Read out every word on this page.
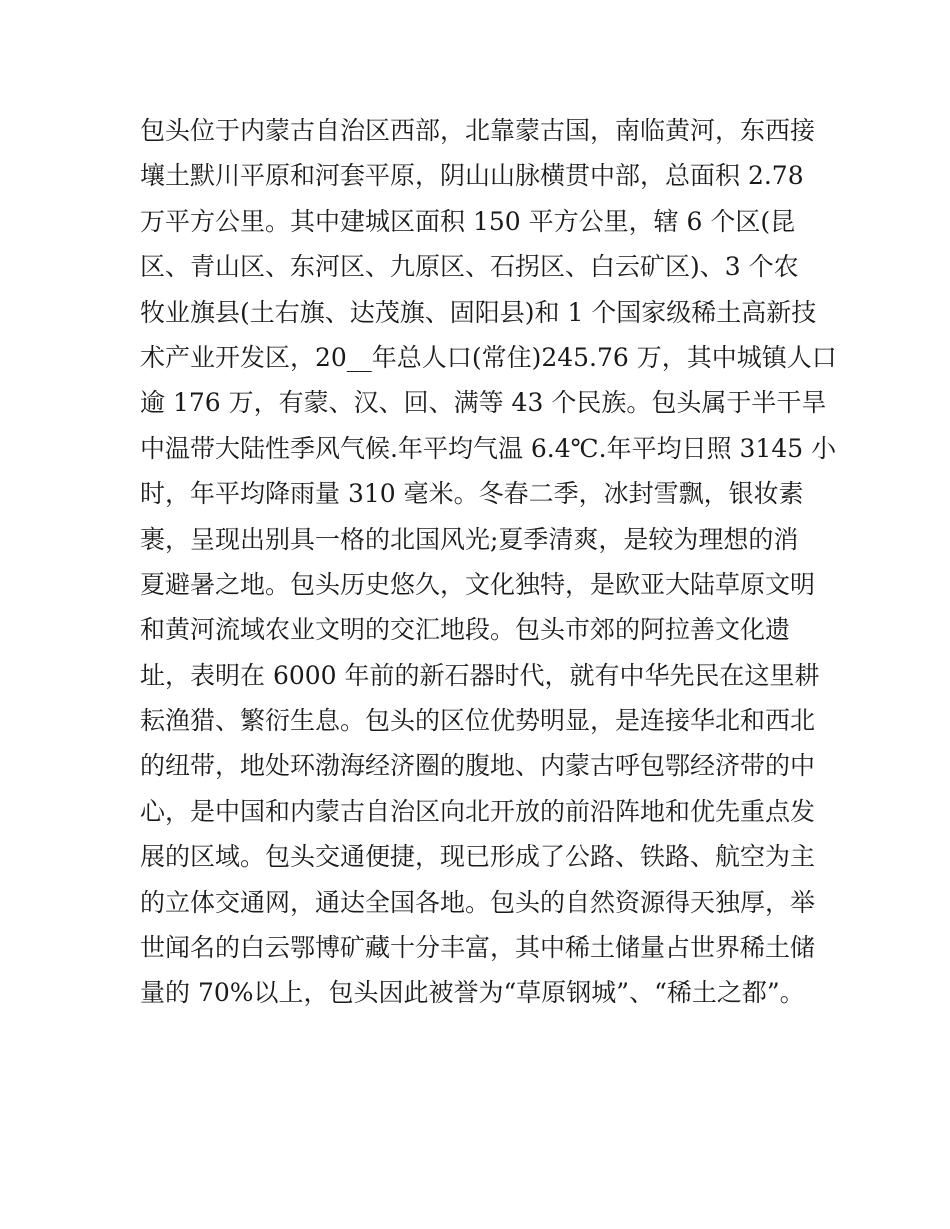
包头位于内蒙古自治区西部，北靠蒙古国，南临黄河，东西接
壤土默川平原和河套平原，阴山山脉横贯中部，总面积 2.78
万平方公里。其中建城区面积 150 平方公里，辖 6 个区(昆
区、青山区、东河区、九原区、石拐区、白云矿区)、3 个农
牧业旗县(土右旗、达茂旗、固阳县)和 1 个国家级稀土高新技
术产业开发区，20__年总人口(常住)245.76 万，其中城镇人口
逾 176 万，有蒙、汉、回、满等 43 个民族。包头属于半干旱
中温带大陆性季风气候.年平均气温 6.4℃.年平均日照 3145 小
时，年平均降雨量 310 毫米。冬春二季，冰封雪飘，银妆素
裹，呈现出别具一格的北国风光;夏季清爽，是较为理想的消
夏避暑之地。包头历史悠久，文化独特，是欧亚大陆草原文明
和黄河流域农业文明的交汇地段。包头市郊的阿拉善文化遗
址，表明在 6000 年前的新石器时代，就有中华先民在这里耕
耘渔猎、繁衍生息。包头的区位优势明显，是连接华北和西北
的纽带，地处环渤海经济圈的腹地、内蒙古呼包鄂经济带的中
心，是中国和内蒙古自治区向北开放的前沿阵地和优先重点发
展的区域。包头交通便捷，现已形成了公路、铁路、航空为主
的立体交通网，通达全国各地。包头的自然资源得天独厚，举
世闻名的白云鄂博矿藏十分丰富，其中稀土储量占世界稀土储
量的 70%以上，包头因此被誉为“草原钢城”、“稀土之都”。
